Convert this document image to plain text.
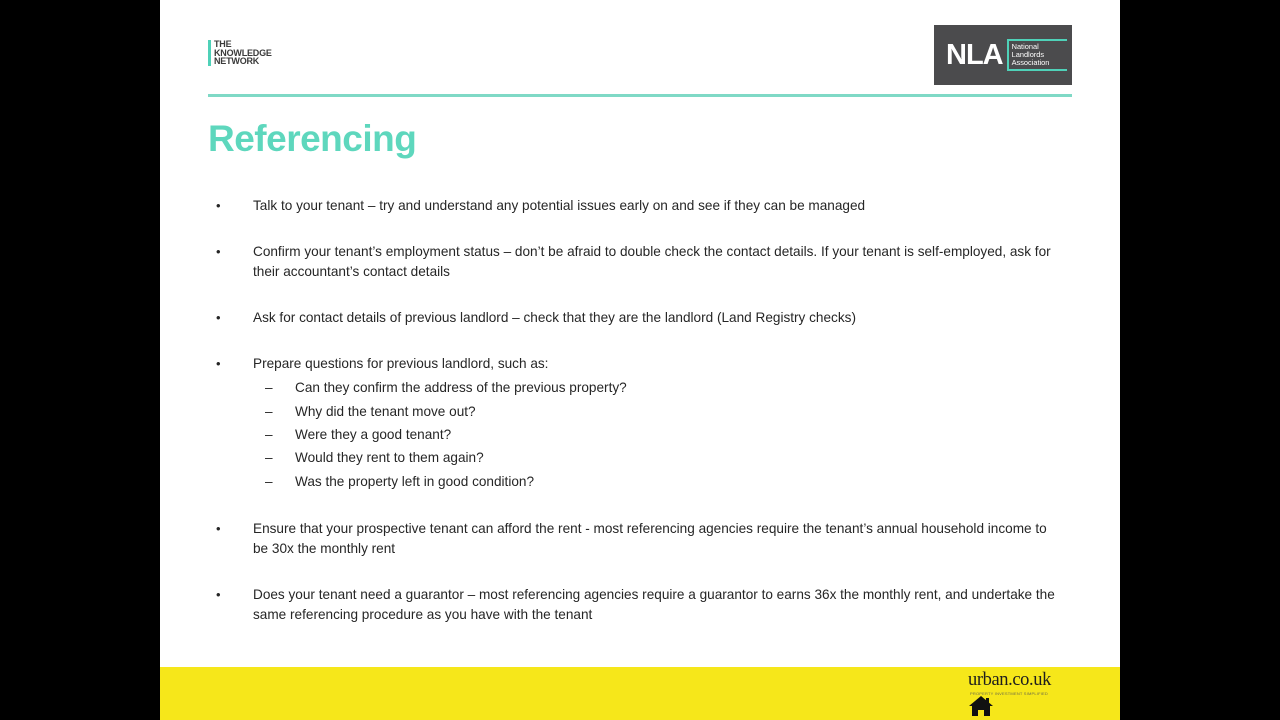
THE
KNOWLEDGE
NETWORK	NLA National
Landlords
Association
Referencing
• Talk to your tenant – try and understand any potential issues early on and see if they can be managed
• Confirm your tenant’s employment status – don’t be afraid to double check the contact details. If your tenant is self-employed, ask for their accountant’s contact details
• Ask for contact details of previous landlord – check that they are the landlord (Land Registry checks)
• Prepare questions for previous landlord, such as:
– Can they confirm the address of the previous property?
– Why did the tenant move out?
– Were they a good tenant?
– Would they rent to them again?
– Was the property left in good condition?
• Ensure that your prospective tenant can afford the rent - most referencing agencies require the tenant’s annual household income to be 30x the monthly rent
• Does your tenant need a guarantor – most referencing agencies require a guarantor to earns 36x the monthly rent, and undertake the same referencing procedure as you have with the tenant
urban.co.uk
PROPERTY INVESTMENT SIMPLIFIED
